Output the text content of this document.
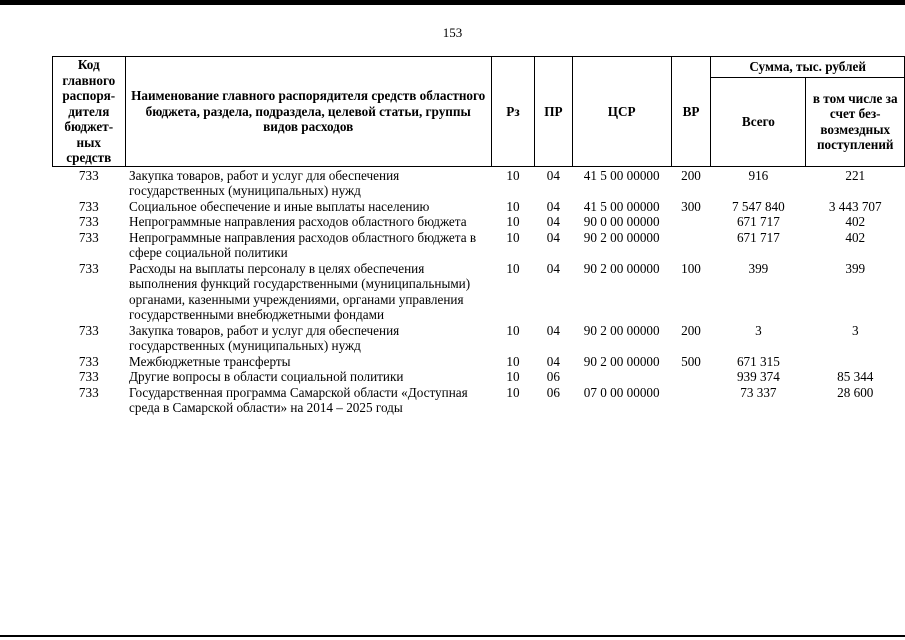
153
Код главного распоря-дителя бюджет-ных средств	Наименование главного распорядителя средств областного бюджета, раздела, подраздела, целевой статьи, группы видов расходов	Рз	ПР	ЦСР	ВР	Сумма, тыс. рублей	
						Всего	в том числе за счет без-возмездных поступлений
733	Закупка товаров, работ и услуг для обеспечения государственных (муниципальных) нужд	10	04	41 5 00 00000	200	916	221
733	Социальное обеспечение и иные выплаты населению	10	04	41 5 00 00000	300	7 547 840	3 443 707
733	Непрограммные направления расходов областного бюджета	10	04	90 0 00 00000		671 717	402
733	Непрограммные направления расходов областного бюджета в сфере социальной политики	10	04	90 2 00 00000		671 717	402
733	Расходы на выплаты персоналу в целях обеспечения выполнения функций государственными (муниципальными) органами, казенными учреждениями, органами управления государственными внебюджетными фондами	10	04	90 2 00 00000	100	399	399
733	Закупка товаров, работ и услуг для обеспечения государственных (муниципальных) нужд	10	04	90 2 00 00000	200	3	3
733	Межбюджетные трансферты	10	04	90 2 00 00000	500	671 315	
733	Другие вопросы в области социальной политики	10	06			939 374	85 344
733	Государственная программа Самарской области «Доступная среда в Самарской области» на 2014 – 2025 годы	10	06	07 0 00 00000		73 337	28 600
